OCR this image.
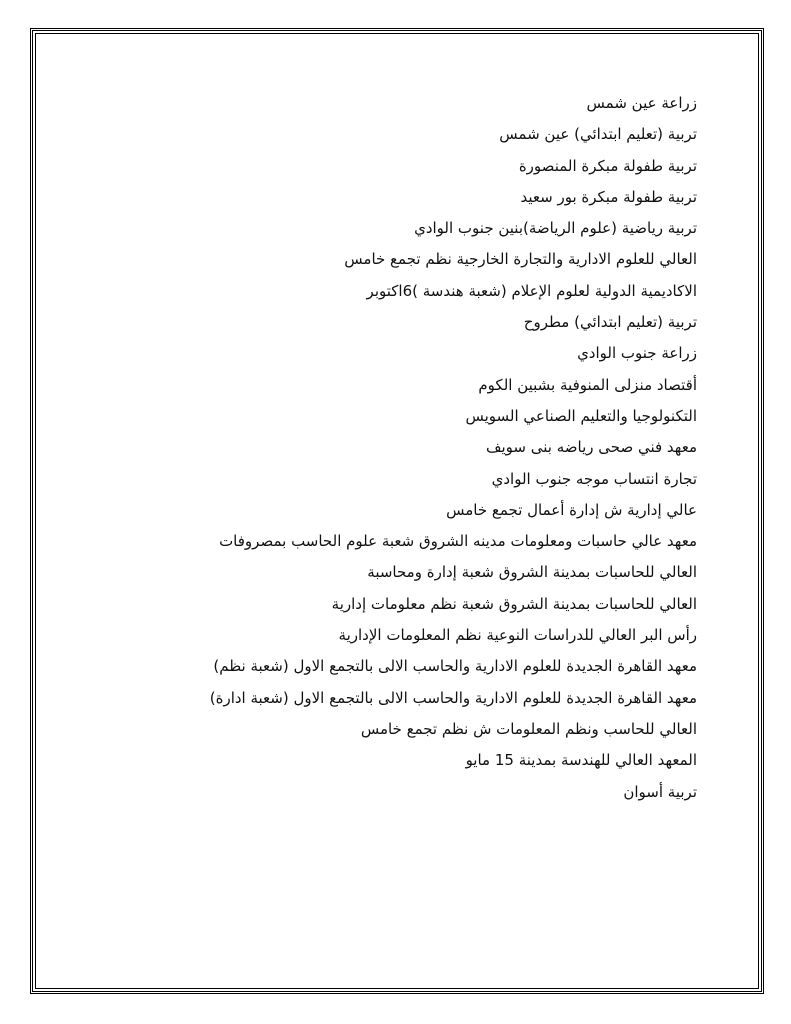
زراعة عين شمس
تربية (تعليم ابتدائي) عين شمس
تربية طفولة مبكرة المنصورة
تربية طفولة مبكرة بور سعيد
تربية رياضية (علوم الرياضة)بنين جنوب الوادي
العالي للعلوم الادارية والتجارة الخارجية نظم تجمع خامس
الاكاديمية الدولية لعلوم الإعلام (شعبة هندسة )6اكتوبر
تربية (تعليم ابتدائي) مطروح
زراعة جنوب الوادي
أقتصاد منزلى المنوفية بشبين الكوم
التكنولوجيا والتعليم الصناعي السويس
معهد فني صحى رياضه بنى سويف
تجارة انتساب موجه جنوب الوادي
عالي إدارية ش إدارة أعمال تجمع خامس
معهد عالي حاسبات ومعلومات مدينه الشروق شعبة علوم الحاسب بمصروفات
العالي للحاسبات بمدينة الشروق شعبة إدارة ومحاسبة
العالي للحاسبات بمدينة الشروق شعبة نظم معلومات إدارية
رأس البر العالي للدراسات النوعية نظم المعلومات الإدارية
معهد القاهرة الجديدة للعلوم الادارية والحاسب الالى بالتجمع الاول (شعبة نظم)
معهد القاهرة الجديدة للعلوم الادارية والحاسب الالى بالتجمع الاول (شعبة ادارة)
العالي للحاسب ونظم المعلومات ش نظم تجمع خامس
المعهد العالي للهندسة بمدينة 15 مايو
تربية أسوان
